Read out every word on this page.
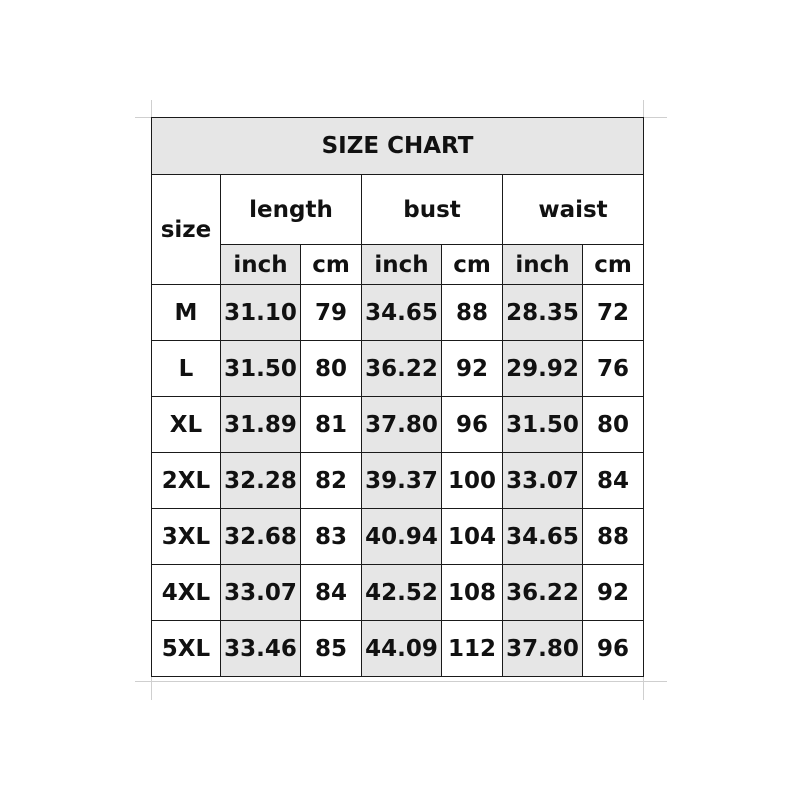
SIZE CHART						
size	length		bust		waist	
	inch	cm	inch	cm	inch	cm
M	31.10	79	34.65	88	28.35	72
L	31.50	80	36.22	92	29.92	76
XL	31.89	81	37.80	96	31.50	80
2XL	32.28	82	39.37	100	33.07	84
3XL	32.68	83	40.94	104	34.65	88
4XL	33.07	84	42.52	108	36.22	92
5XL	33.46	85	44.09	112	37.80	96
